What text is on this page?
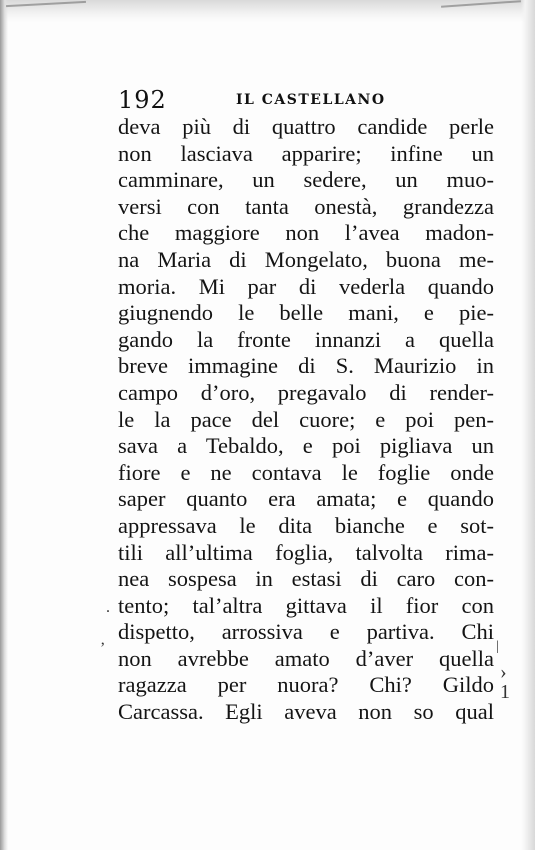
192	IL CASTELLANO
deva più di quattro candide perle
non lasciava apparire; infine un
camminare, un sedere, un muo-
versi con tanta onestà, grandezza
che maggiore non l’avea madon-
na Maria di Mongelato, buona me-
moria. Mi par di vederla quando
giugnendo le belle mani, e pie-
gando la fronte innanzi a quella
breve immagine di S. Maurizio in
campo d’oro, pregavalo di render-
le la pace del cuore; e poi pen-
sava a Tebaldo, e poi pigliava un
fiore e ne contava le foglie onde
saper quanto era amata; e quando
appressava le dita bianche e sot-
tili all’ultima foglia, talvolta rima-
nea sospesa in estasi di caro con-
tento; tal’altra gittava il fior con
dispetto, arrossiva e partiva. Chi
non avrebbe amato d’aver quella
ragazza per nuora? Chi? Gildo
Carcassa. Egli aveva non so qual
.
‚	|
›
1
